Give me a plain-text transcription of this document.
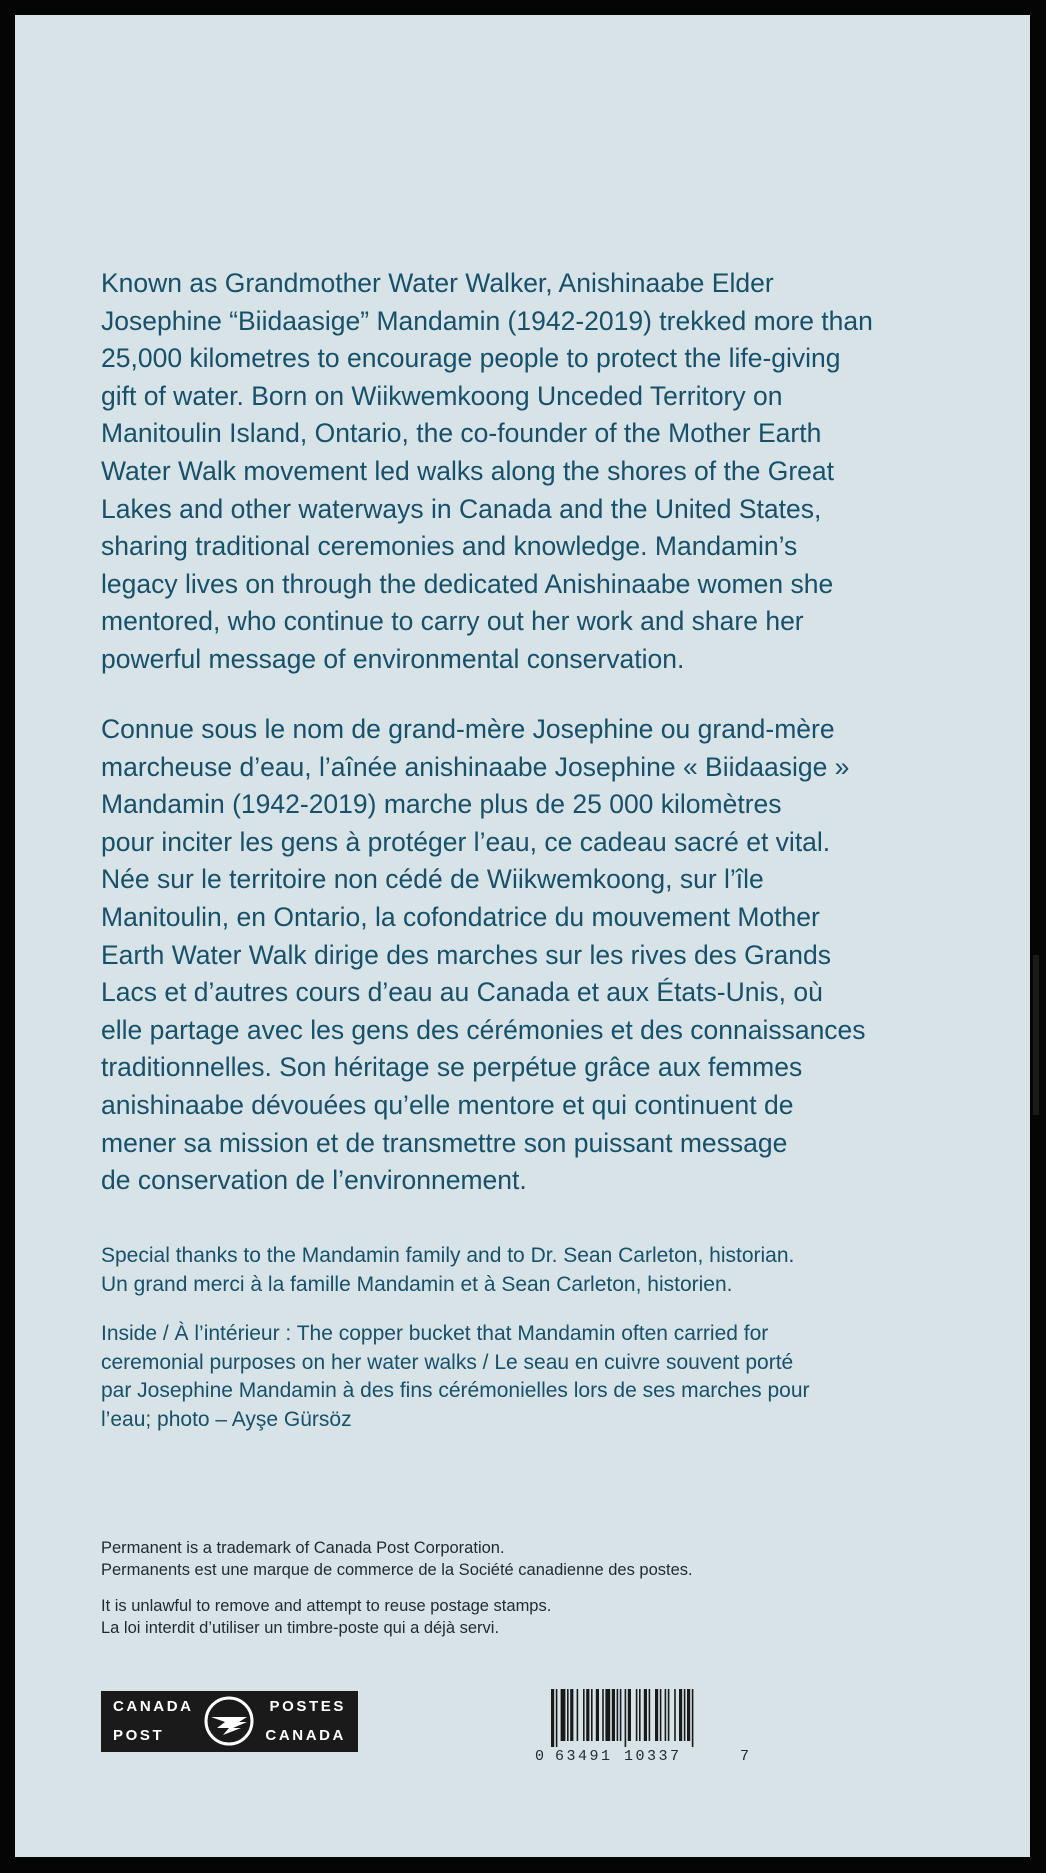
Known as Grandmother Water Walker, Anishinaabe Elder
Josephine “Biidaasige” Mandamin (1942-2019) trekked more than
25,000 kilometres to encourage people to protect the life-giving
gift of water. Born on Wiikwemkoong Unceded Territory on
Manitoulin Island, Ontario, the co-founder of the Mother Earth
Water Walk movement led walks along the shores of the Great
Lakes and other waterways in Canada and the United States,
sharing traditional ceremonies and knowledge. Mandamin’s
legacy lives on through the dedicated Anishinaabe women she
mentored, who continue to carry out her work and share her
powerful message of environmental conservation.

Connue sous le nom de grand-mère Josephine ou grand-mère
marcheuse d’eau, l’aînée anishinaabe Josephine « Biidaasige »
Mandamin (1942-2019) marche plus de 25 000 kilomètres
pour inciter les gens à protéger l’eau, ce cadeau sacré et vital.
Née sur le territoire non cédé de Wiikwemkoong, sur l’île
Manitoulin, en Ontario, la cofondatrice du mouvement Mother
Earth Water Walk dirige des marches sur les rives des Grands
Lacs et d’autres cours d’eau au Canada et aux États-Unis, où
elle partage avec les gens des cérémonies et des connaissances
traditionnelles. Son héritage se perpétue grâce aux femmes
anishinaabe dévouées qu’elle mentore et qui continuent de
mener sa mission et de transmettre son puissant message
de conservation de l’environnement.

Special thanks to the Mandamin family and to Dr. Sean Carleton, historian.
Un grand merci à la famille Mandamin et à Sean Carleton, historien.

Inside / À l’intérieur : The copper bucket that Mandamin often carried for
ceremonial purposes on her water walks / Le seau en cuivre souvent porté
par Josephine Mandamin à des fins cérémonielles lors de ses marches pour
l’eau; photo – Ayşe Gürsöz

Permanent is a trademark of Canada Post Corporation.
Permanents est une marque de commerce de la Société canadienne des postes.

It is unlawful to remove and attempt to reuse postage stamps.
La loi interdit d’utiliser un timbre-poste qui a déjà servi.

CANADA
POST
POSTES
CANADA
0 63491 10337	7
